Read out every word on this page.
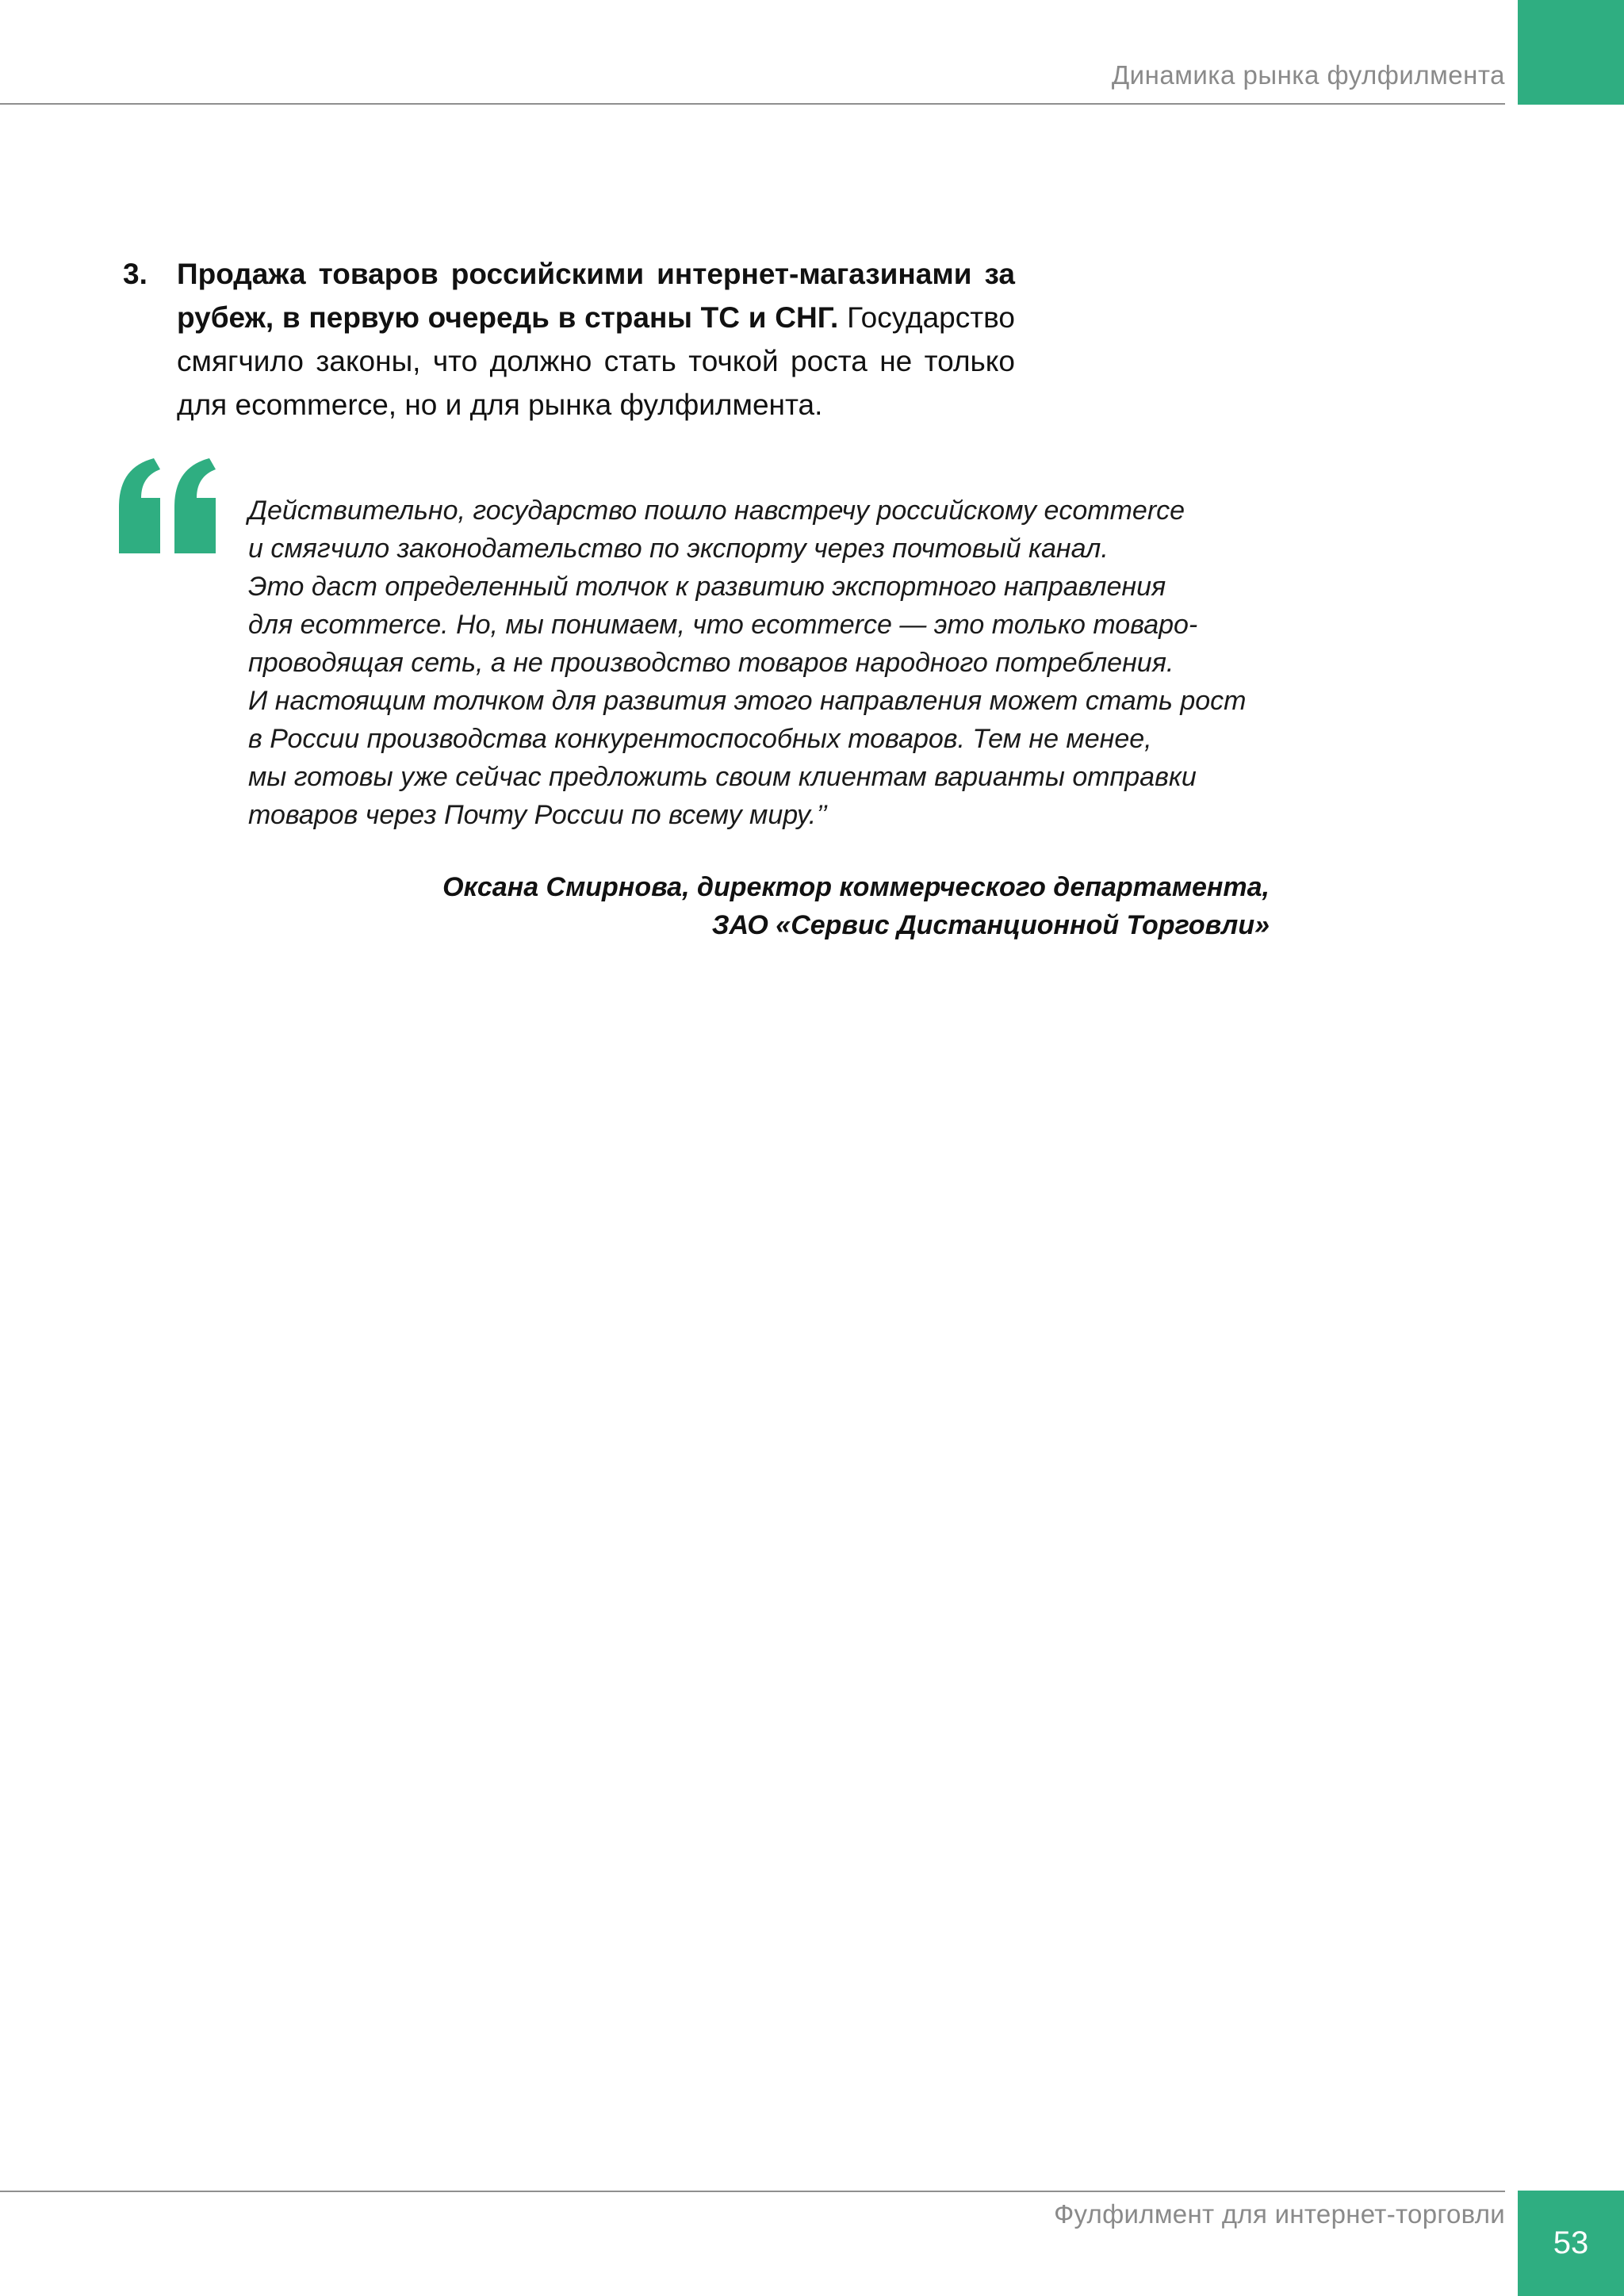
Динамика рынка фулфилмента
3. Продажа товаров российскими интернет-магазинами за рубеж, в первую очередь в страны ТС и СНГ. Государство смягчило законы, что должно стать точкой роста не только для ecommerce, но и для рынка фулфилмента.

Действительно, государство пошло навстречу российскому ecommerce

и смягчило законодательство по экспорту через почтовый канал.

Это даст определенный толчок к развитию экспортного направления

для ecommerce. Но, мы понимаем, что ecommerce — это только товаро-

проводящая сеть, а не производство товаров народного потребления.

И настоящим толчком для развития этого направления может стать рост

в России производства конкурентоспособных товаров. Тем не менее,

мы готовы уже сейчас предложить своим клиентам варианты отправки

товаров через Почту России по всему миру.’’

Оксана Смирнова, директор коммерческого департамента,

ЗАО «Сервис Дистанционной Торговли»

Фулфилмент для интернет-торговли
53
